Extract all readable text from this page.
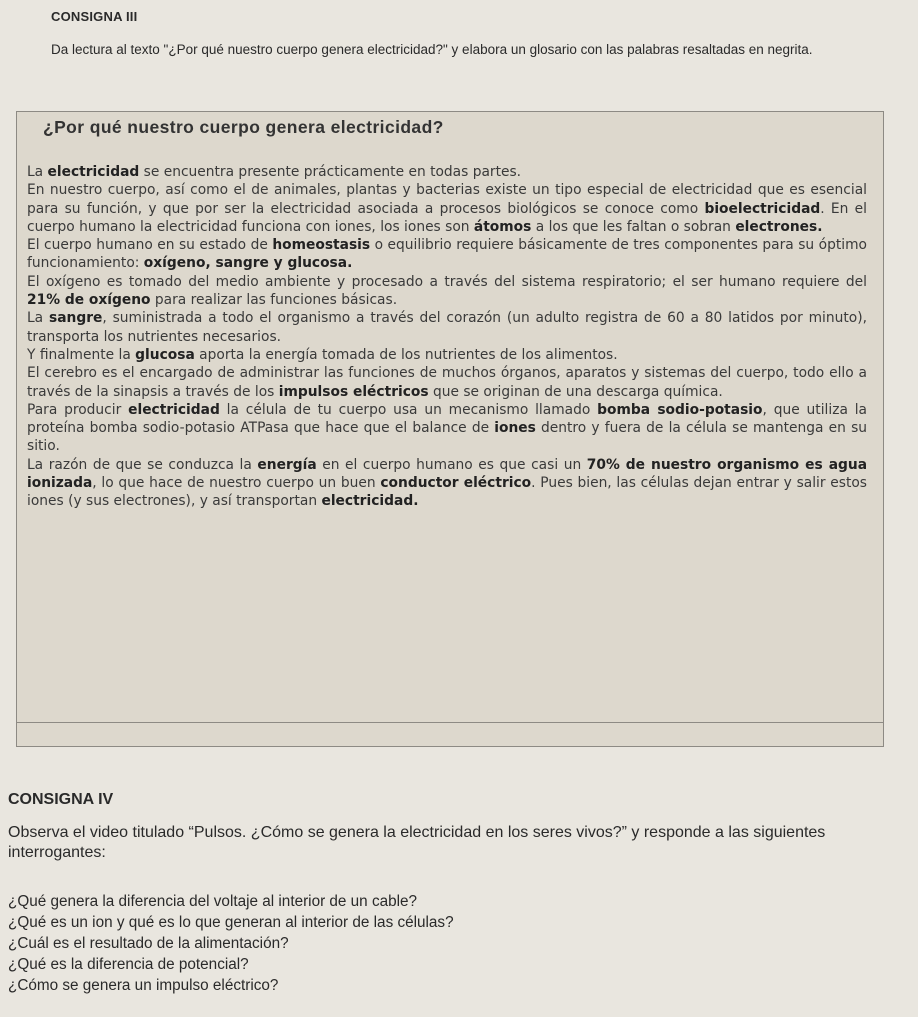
CONSIGNA III
Da lectura al texto "¿Por qué nuestro cuerpo genera electricidad?" y elabora un glosario con las palabras resaltadas en negrita.
¿Por qué nuestro cuerpo genera electricidad?

La electricidad se encuentra presente prácticamente en todas partes.

En nuestro cuerpo, así como el de animales, plantas y bacterias existe un tipo especial de electricidad que es esencial para su función, y que por ser la electricidad asociada a procesos biológicos se conoce como bioelectricidad. En el cuerpo humano la electricidad funciona con iones, los iones son átomos a los que les faltan o sobran electrones.

El cuerpo humano en su estado de homeostasis o equilibrio requiere básicamente de tres componentes para su óptimo funcionamiento: oxígeno, sangre y glucosa.

El oxígeno es tomado del medio ambiente y procesado a través del sistema respiratorio; el ser humano requiere del 21% de oxígeno para realizar las funciones básicas.

La sangre, suministrada a todo el organismo a través del corazón (un adulto registra de 60 a 80 latidos por minuto), transporta los nutrientes necesarios.

Y finalmente la glucosa aporta la energía tomada de los nutrientes de los alimentos.

El cerebro es el encargado de administrar las funciones de muchos órganos, aparatos y sistemas del cuerpo, todo ello a través de la sinapsis a través de los impulsos eléctricos que se originan de una descarga química.

Para producir electricidad la célula de tu cuerpo usa un mecanismo llamado bomba sodio-potasio, que utiliza la proteína bomba sodio-potasio ATPasa que hace que el balance de iones dentro y fuera de la célula se mantenga en su sitio.

La razón de que se conduzca la energía en el cuerpo humano es que casi un 70% de nuestro organismo es agua ionizada, lo que hace de nuestro cuerpo un buen conductor eléctrico. Pues bien, las células dejan entrar y salir estos iones (y sus electrones), y así transportan electricidad.

CONSIGNA IV
Observa el video titulado “Pulsos. ¿Cómo se genera la electricidad en los seres vivos?” y responde a las siguientes interrogantes:
¿Qué genera la diferencia del voltaje al interior de un cable?
¿Qué es un ion y qué es lo que generan al interior de las células?
¿Cuál es el resultado de la alimentación?
¿Qué es la diferencia de potencial?
¿Cómo se genera un impulso eléctrico?
